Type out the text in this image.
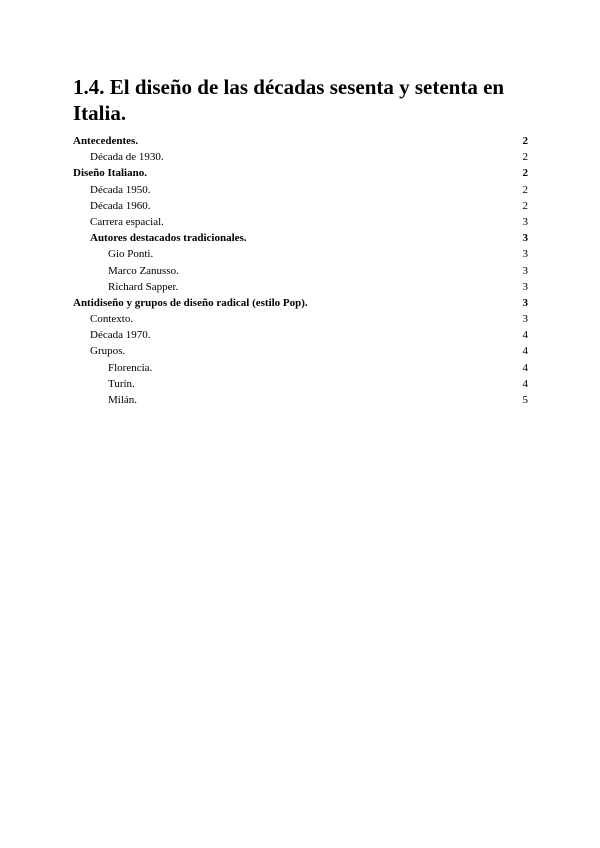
1.4. El diseño de las décadas sesenta y setenta en Italia.
Antecedentes.	2
Década de 1930.	2
Diseño Italiano.	2
Década 1950.	2
Década 1960.	2
Carrera espacial.	3
Autores destacados tradicionales.	3
Gio Ponti.	3
Marco Zanusso.	3
Richard Sapper.	3
Antidiseño y grupos de diseño radical (estilo Pop).	3
Contexto.	3
Década 1970.	4
Grupos.	4
Florencia.	4
Turín.	4
Milán.	5
